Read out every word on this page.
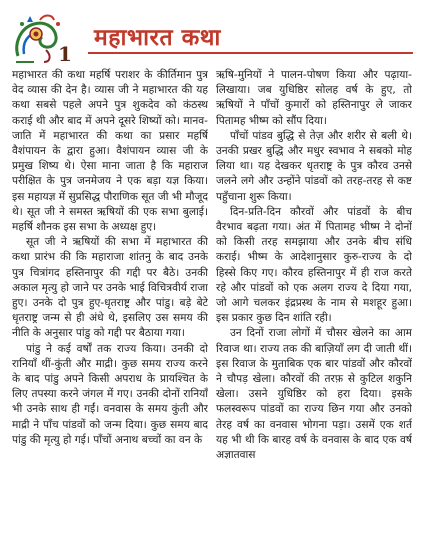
1
महाभारत कथा

महाभारत की कथा महर्षि पराशर के कीर्तिमान पुत्र वेद व्यास की देन है। व्यास जी ने महाभारत की यह कथा सबसे पहले अपने पुत्र शुकदेव को कंठस्थ कराई थी और बाद में अपने दूसरे शिष्यों को। मानव-जाति में महाभारत की कथा का प्रसार महर्षि वैशंपायन के द्वारा हुआ। वैशंपायन व्यास जी के प्रमुख शिष्य थे। ऐसा माना जाता है कि महाराज परीक्षित के पुत्र जनमेजय ने एक बड़ा यज्ञ किया। इस महायज्ञ में सुप्रसिद्ध पौराणिक सूत जी भी मौजूद थे। सूत जी ने समस्त ऋषियों की एक सभा बुलाई। महर्षि शौनक इस सभा के अध्यक्ष हुए।

सूत जी ने ऋषियों की सभा में महाभारत की कथा प्रारंभ की कि महाराजा शांतनु के बाद उनके पुत्र चित्रांगद हस्तिनापुर की गद्दी पर बैठे। उनकी अकाल मृत्यु हो जाने पर उनके भाई विचित्रवीर्य राजा हुए। उनके दो पुत्र हुए-धृतराष्ट्र और पांडु। बड़े बेटे धृतराष्ट्र जन्म से ही अंधे थे, इसलिए उस समय की नीति के अनुसार पांडु को गद्दी पर बैठाया गया।

पांडु ने कई वर्षों तक राज्य किया। उनकी दो रानियाँ थीं-कुंती और माद्री। कुछ समय राज्य करने के बाद पांडु अपने किसी अपराध के प्रायश्चित के लिए तपस्या करने जंगल में गए। उनकी दोनों रानियाँ भी उनके साथ ही गईं। वनवास के समय कुंती और माद्री ने पाँच पांडवों को जन्म दिया। कुछ समय बाद पांडु की मृत्यु हो गई। पाँचों अनाथ बच्चों का वन के

ऋषि-मुनियों ने पालन-पोषण किया और पढ़ाया-लिखाया। जब युधिष्ठिर सोलह वर्ष के हुए, तो ऋषियों ने पाँचों कुमारों को हस्तिनापुर ले जाकर पितामह भीष्म को सौंप दिया।

पाँचों पांडव बुद्धि से तेज़ और शरीर से बली थे। उनकी प्रखर बुद्धि और मधुर स्वभाव ने सबको मोह लिया था। यह देखकर धृतराष्ट्र के पुत्र कौरव उनसे जलने लगे और उन्होंने पांडवों को तरह-तरह से कष्ट पहुँचाना शुरू किया।

दिन-प्रति-दिन कौरवों और पांडवों के बीच वैरभाव बढ़ता गया। अंत में पितामह भीष्म ने दोनों को किसी तरह समझाया और उनके बीच संधि कराई। भीष्म के आदेशानुसार कुरु-राज्य के दो हिस्से किए गए। कौरव हस्तिनापुर में ही राज करते रहे और पांडवों को एक अलग राज्य दे दिया गया, जो आगे चलकर इंद्रप्रस्थ के नाम से मशहूर हुआ। इस प्रकार कुछ दिन शांति रही।

उन दिनों राजा लोगों में चौसर खेलने का आम रिवाज था। राज्य तक की बाज़ियाँ लग दी जाती थीं। इस रिवाज के मुताबिक एक बार पांडवों और कौरवों ने चौपड़ खेला। कौरवों की तरफ़ से कुटिल शकुनि खेला। उसने युधिष्ठिर को हरा दिया। इसके फलस्वरूप पांडवों का राज्य छिन गया और उनको तेरह वर्ष का वनवास भोगना पड़ा। उसमें एक शर्त यह भी थी कि बारह वर्ष के वनवास के बाद एक वर्ष अज्ञातवास
